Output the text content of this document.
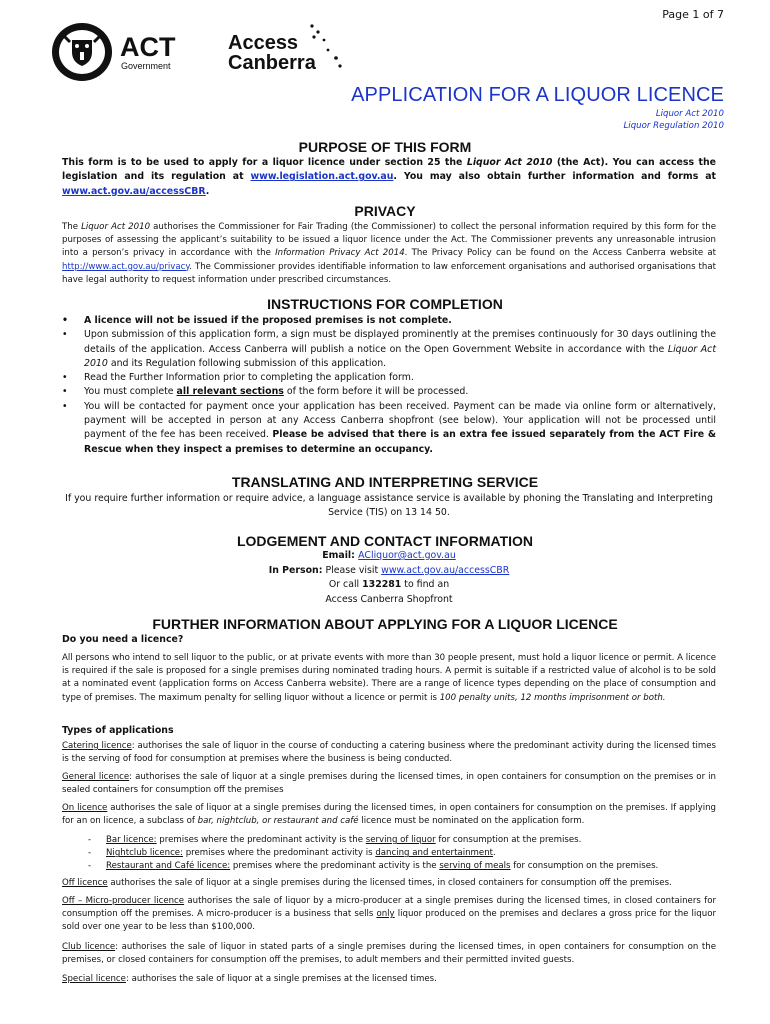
Page 1 of 7
ACT
Government
Access
Canberra
APPLICATION FOR A LIQUOR LICENCE
Liquor Act 2010
Liquor Regulation 2010
PURPOSE OF THIS FORM
This form is to be used to apply for a liquor licence under section 25 the Liquor Act 2010 (the Act). You can access the legislation and its regulation at www.legislation.act.gov.au. You may also obtain further information and forms at www.act.gov.au/accessCBR.
PRIVACY
The Liquor Act 2010 authorises the Commissioner for Fair Trading (the Commissioner) to collect the personal information required by this form for the purposes of assessing the applicant’s suitability to be issued a liquor licence under the Act. The Commissioner prevents any unreasonable intrusion into a person’s privacy in accordance with the Information Privacy Act 2014. The Privacy Policy can be found on the Access Canberra website at http://www.act.gov.au/privacy. The Commissioner provides identifiable information to law enforcement organisations and authorised organisations that have legal authority to request information under prescribed circumstances.
INSTRUCTIONS FOR COMPLETION
• A licence will not be issued if the proposed premises is not complete.
• Upon submission of this application form, a sign must be displayed prominently at the premises continuously for 30 days outlining the details of the application. Access Canberra will publish a notice on the Open Government Website in accordance with the Liquor Act 2010 and its Regulation following submission of this application.
• Read the Further Information prior to completing the application form.
• You must complete all relevant sections of the form before it will be processed.
• You will be contacted for payment once your application has been received. Payment can be made via online form or alternatively, payment will be accepted in person at any Access Canberra shopfront (see below). Your application will not be processed until payment of the fee has been received. Please be advised that there is an extra fee issued separately from the ACT Fire & Rescue when they inspect a premises to determine an occupancy.
TRANSLATING AND INTERPRETING SERVICE
If you require further information or require advice, a language assistance service is available by phoning the Translating and Interpreting Service (TIS) on 13 14 50.
LODGEMENT AND CONTACT INFORMATION
Email: ACliquor@act.gov.au
In Person: Please visit www.act.gov.au/accessCBR
Or call 132281 to find an
Access Canberra Shopfront
FURTHER INFORMATION ABOUT APPLYING FOR A LIQUOR LICENCE
Do you need a licence?
All persons who intend to sell liquor to the public, or at private events with more than 30 people present, must hold a liquor licence or permit. A licence is required if the sale is proposed for a single premises during nominated trading hours. A permit is suitable if a restricted value of alcohol is to be sold at a nominated event (application forms on Access Canberra website). There are a range of licence types depending on the place of consumption and type of premises. The maximum penalty for selling liquor without a licence or permit is 100 penalty units, 12 months imprisonment or both.
Types of applications
Catering licence: authorises the sale of liquor in the course of conducting a catering business where the predominant activity during the licensed times is the serving of food for consumption at premises where the business is being conducted.
General licence: authorises the sale of liquor at a single premises during the licensed times, in open containers for consumption on the premises or in sealed containers for consumption off the premises
On licence authorises the sale of liquor at a single premises during the licensed times, in open containers for consumption on the premises. If applying for an on licence, a subclass of bar, nightclub, or restaurant and café licence must be nominated on the application form.
- Bar licence: premises where the predominant activity is the serving of liquor for consumption at the premises.
- Nightclub licence: premises where the predominant activity is dancing and entertainment.
- Restaurant and Café licence: premises where the predominant activity is the serving of meals for consumption on the premises.
Off licence authorises the sale of liquor at a single premises during the licensed times, in closed containers for consumption off the premises.
Off – Micro-producer licence authorises the sale of liquor by a micro-producer at a single premises during the licensed times, in closed containers for consumption off the premises. A micro-producer is a business that sells only liquor produced on the premises and declares a gross price for the liquor sold over one year to be less than $100,000.
Club licence: authorises the sale of liquor in stated parts of a single premises during the licensed times, in open containers for consumption on the premises, or closed containers for consumption off the premises, to adult members and their permitted invited guests.
Special licence: authorises the sale of liquor at a single premises at the licensed times.
